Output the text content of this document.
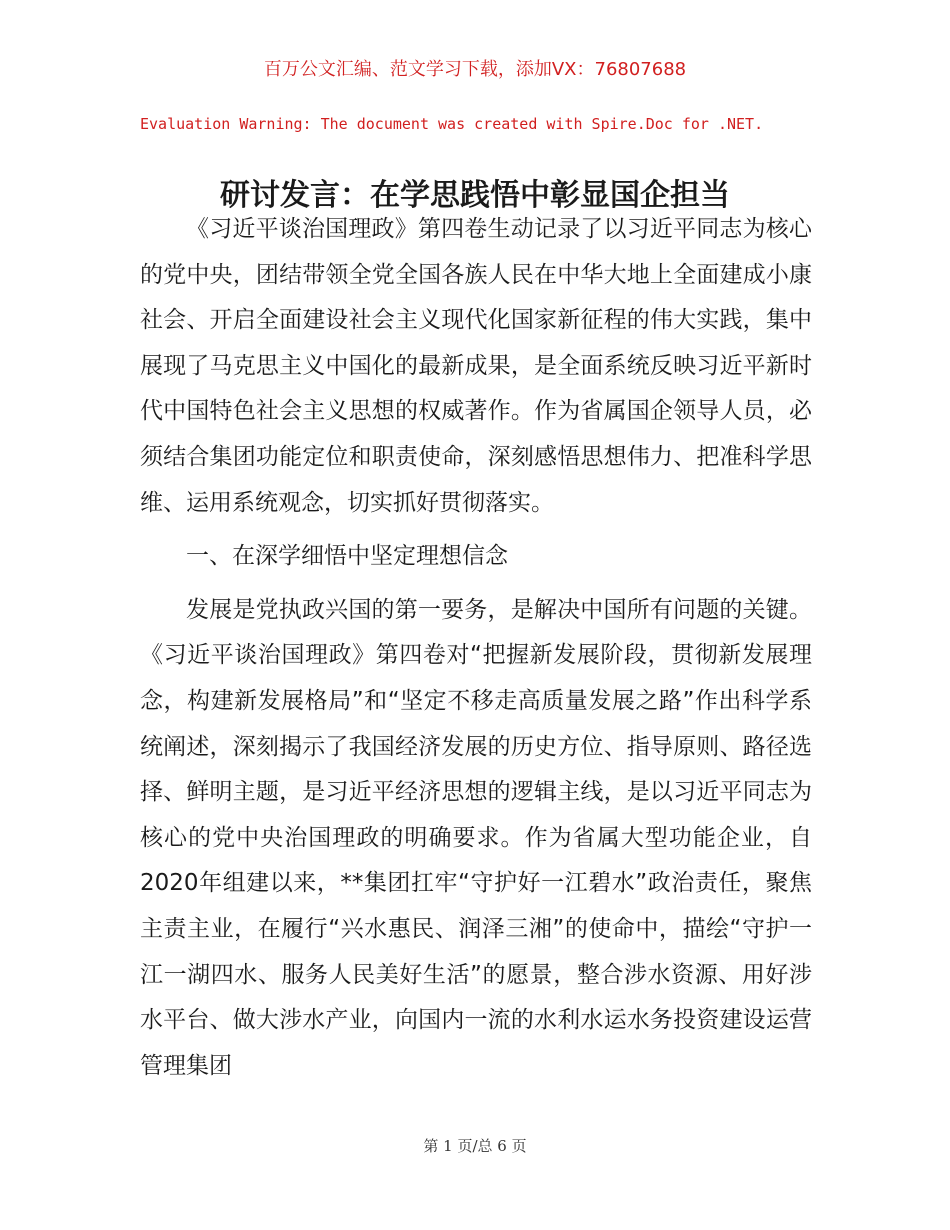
百万公文汇编、范文学习下载，添加VX：76807688
Evaluation Warning: The document was created with Spire.Doc for .NET.
研讨发言：在学思践悟中彰显国企担当

《习近平谈治国理政》第四卷生动记录了以习近平同志为核心的党中央，团结带领全党全国各族人民在中华大地上全面建成小康社会、开启全面建设社会主义现代化国家新征程的伟大实践，集中展现了马克思主义中国化的最新成果，是全面系统反映习近平新时代中国特色社会主义思想的权威著作。作为省属国企领导人员，必须结合集团功能定位和职责使命，深刻感悟思想伟力、把准科学思维、运用系统观念，切实抓好贯彻落实。

一、在深学细悟中坚定理想信念

发展是党执政兴国的第一要务，是解决中国所有问题的关键。《习近平谈治国理政》第四卷对“把握新发展阶段，贯彻新发展理念，构建新发展格局”和“坚定不移走高质量发展之路”作出科学系统阐述，深刻揭示了我国经济发展的历史方位、指导原则、路径选择、鲜明主题，是习近平经济思想的逻辑主线，是以习近平同志为核心的党中央治国理政的明确要求。作为省属大型功能企业，自2020年组建以来，**集团扛牢“守护好一江碧水”政治责任，聚焦主责主业，在履行“兴水惠民、润泽三湘”的使命中，描绘“守护一江一湖四水、服务人民美好生活”的愿景，整合涉水资源、用好涉水平台、做大涉水产业，向国内一流的水利水运水务投资建设运营管理集团

第 1 页/总 6 页
